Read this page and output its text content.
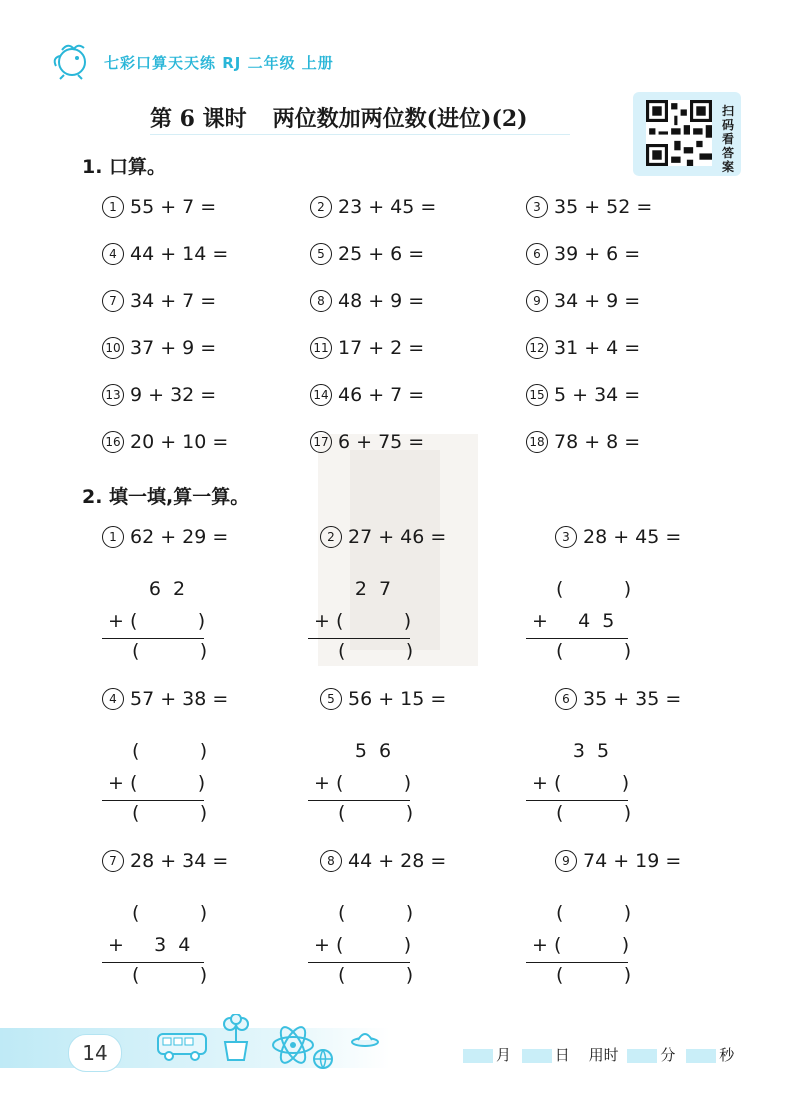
七彩口算天天练 RJ 二年级 上册
第 6 课时 两位数加两位数(进位)(2)	扫码看答案
1. 口算。
1 55 + 7 =	2 23 + 45 =	3 35 + 52 =
4 44 + 14 =	5 25 + 6 =	6 39 + 6 =
7 34 + 7 =	8 48 + 9 =	9 34 + 9 =
10 37 + 9 =	11 17 + 2 =	12 31 + 4 =
13 9 + 32 =	14 46 + 7 =	15 5 + 34 =
16 20 + 10 =	17 6 + 75 =	18 78 + 8 =
2. 填一填,算一算。
1 62 + 29 =
6  2
+ (          )
(          )
2 27 + 46 =
2  7
+ (          )
(          )
3 28 + 45 =
(          )
+     4  5
(          )
4 57 + 38 =
(          )
+ (          )
(          )
5 56 + 15 =
5  6
+ (          )
(          )
6 35 + 35 =
3  5
+ (          )
(          )
7 28 + 34 =
(          )
+     3  4
(          )
8 44 + 28 =
(          )
+ (          )
(          )
9 74 + 19 =
(          )
+ (          )
(          )
14	月	日 用时	分	秒
